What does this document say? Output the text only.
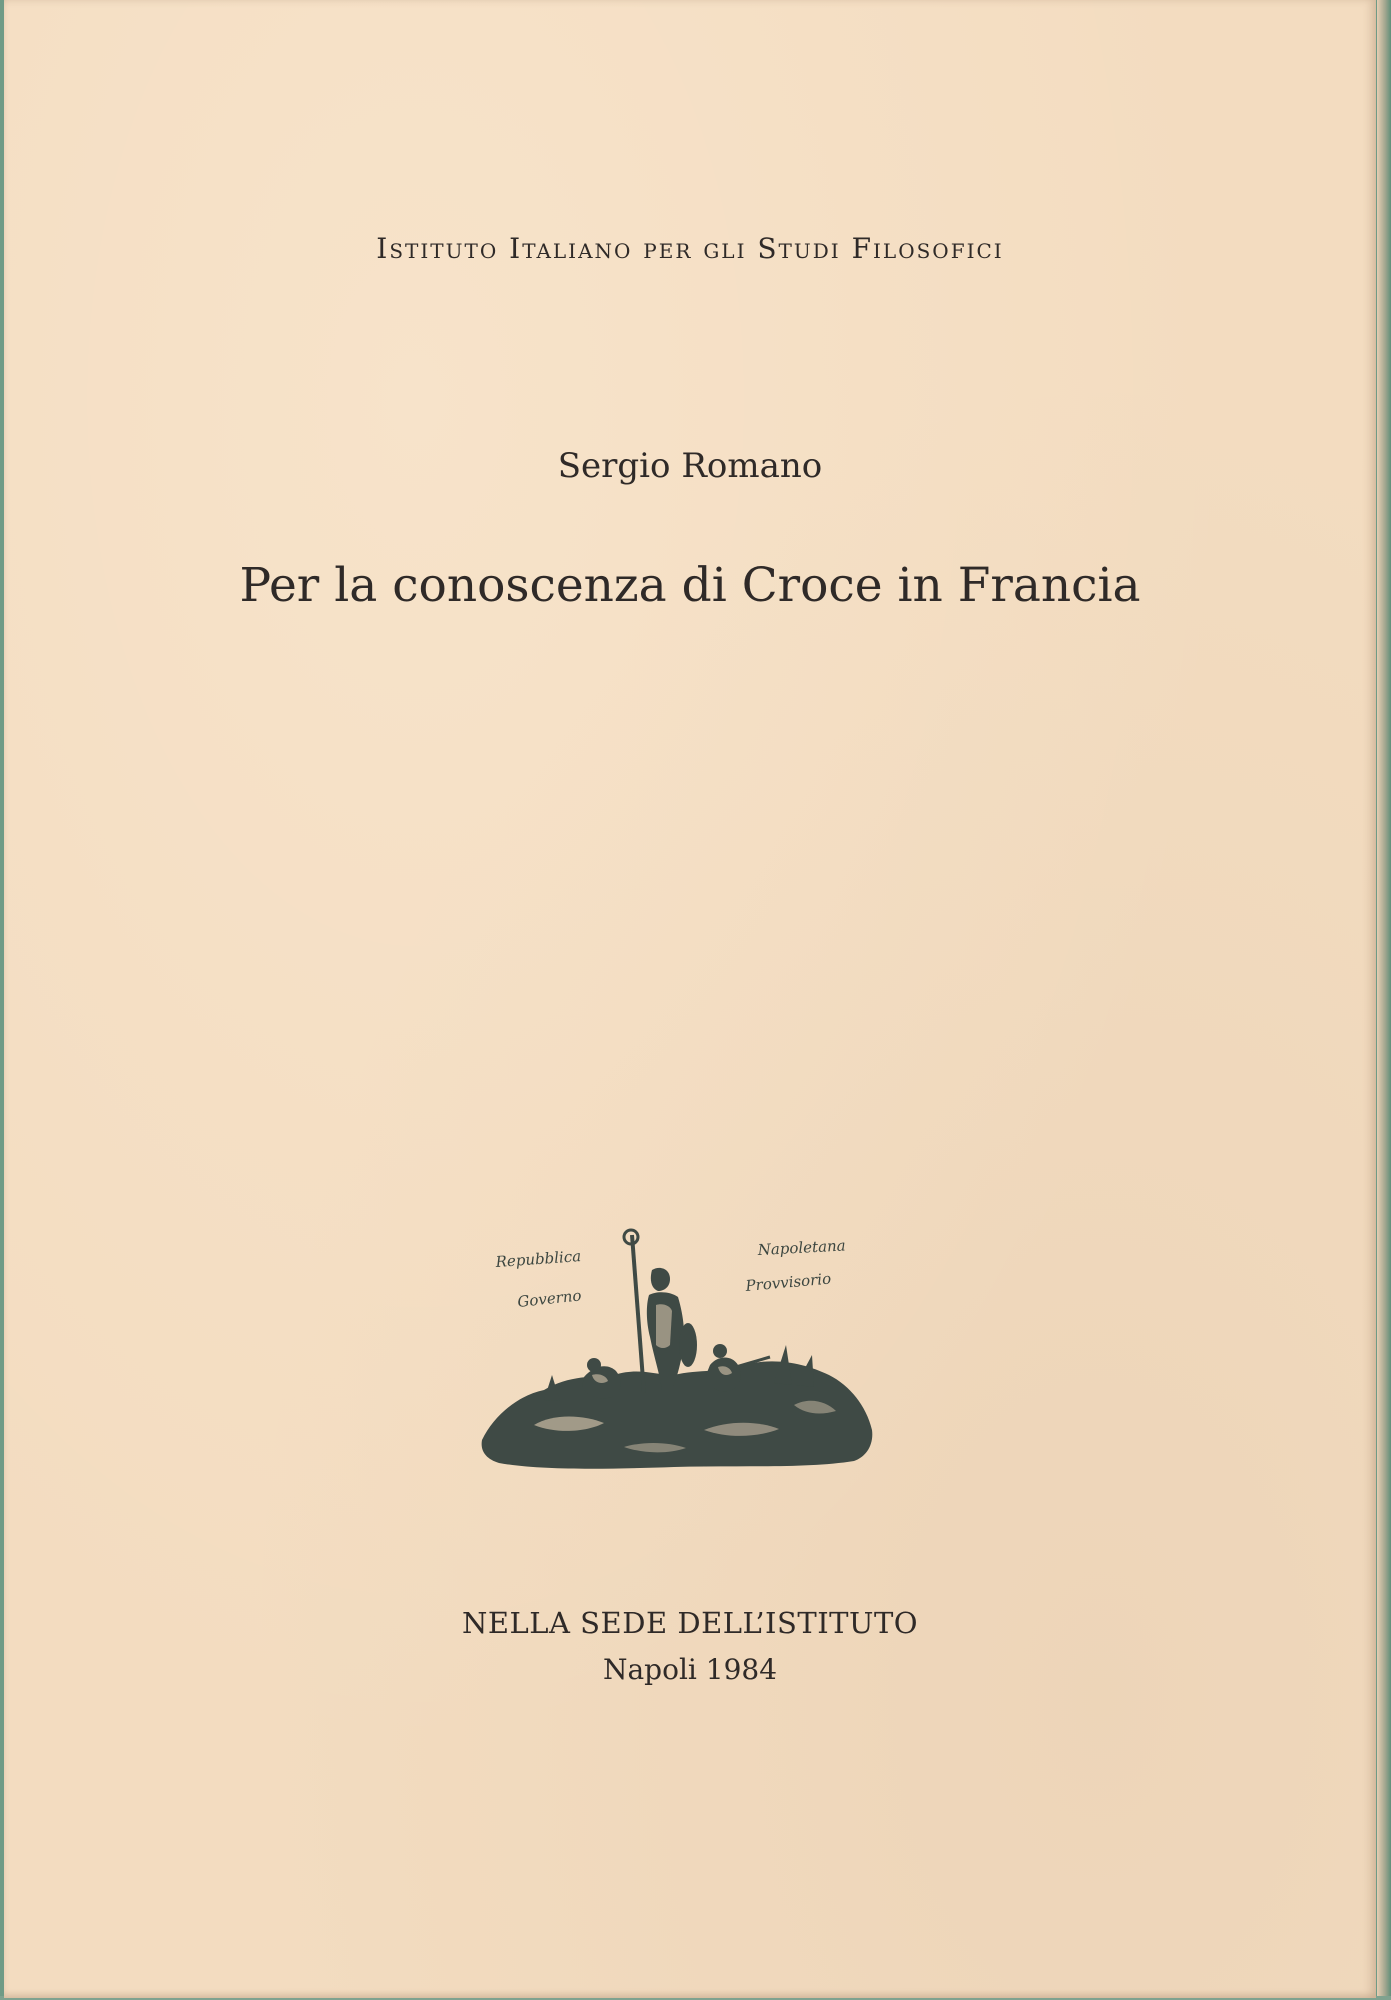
Istituto Italiano per gli Studi Filosofici
Sergio Romano
Per la conoscenza di Croce in Francia
Repubblica
Governo
Napoletana
Provvisorio
NELLA SEDE DELL’ISTITUTO
Napoli 1984
